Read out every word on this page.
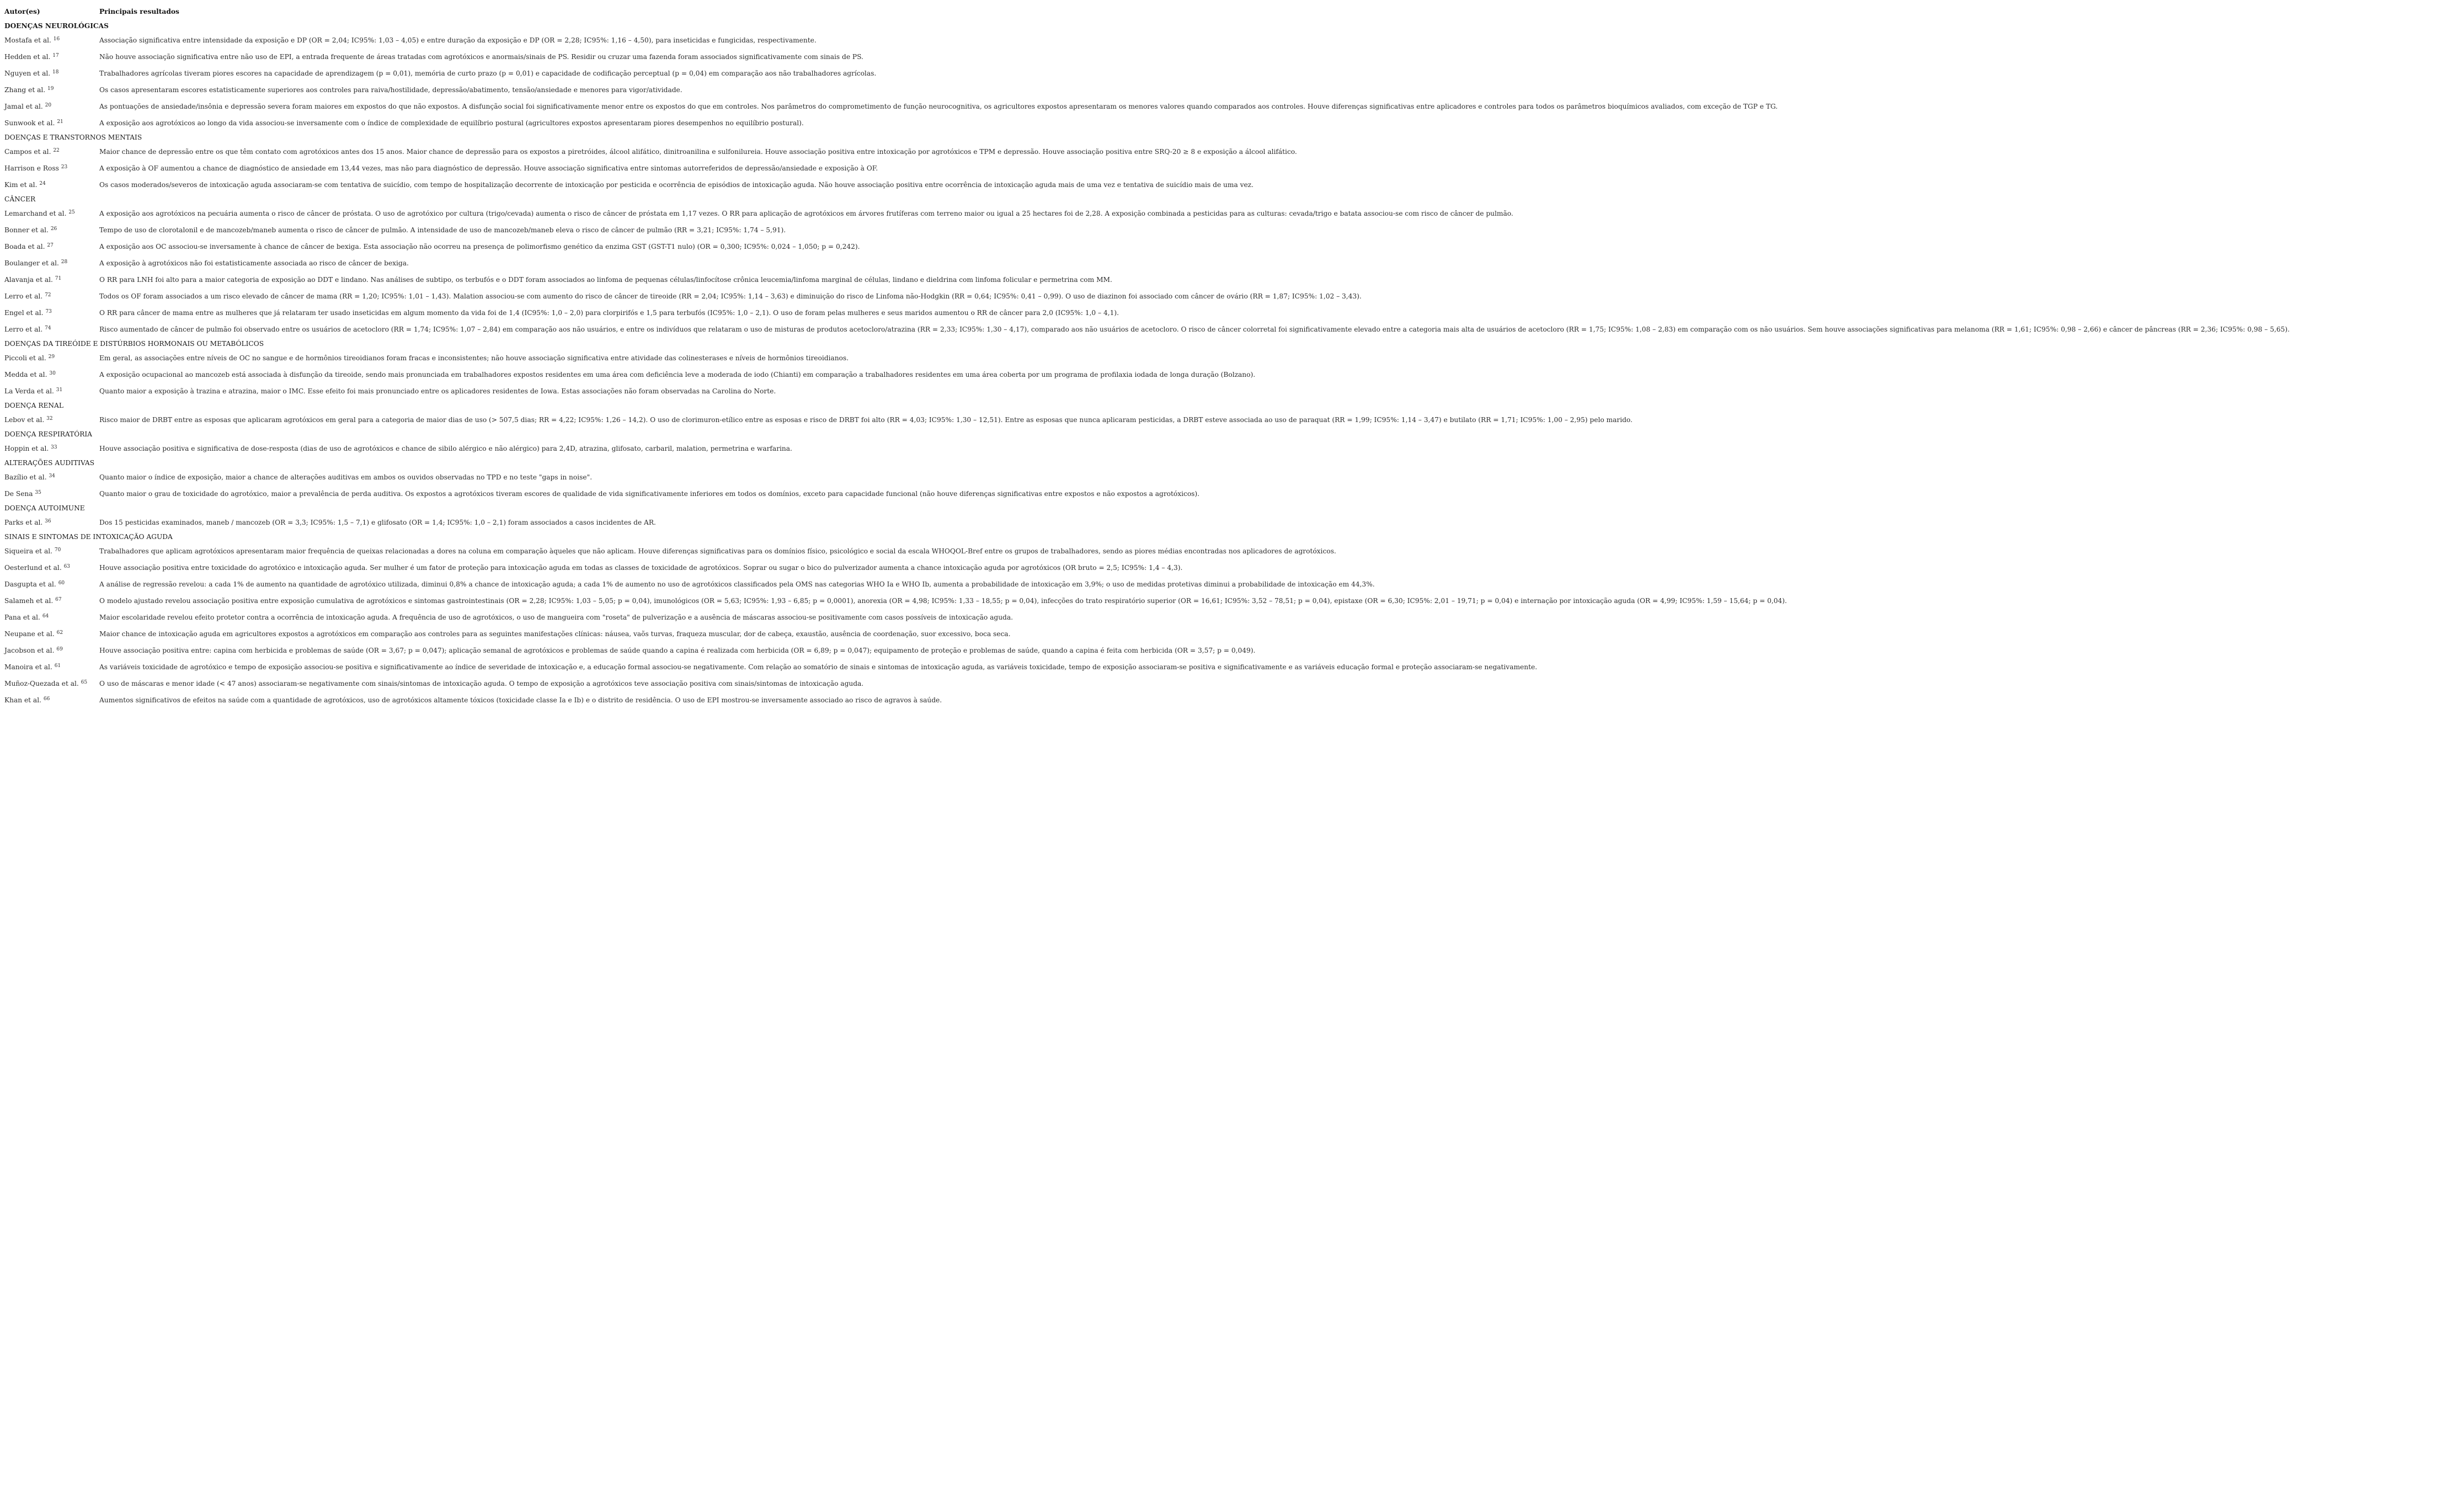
Autor(es)	Principais resultados
DOENÇAS NEUROLÓGICAS	
Mostafa et al. $^{16}$	Associação significativa entre intensidade da exposição e DP (OR = 2,04; IC95%: 1,03 – 4,05) e entre duração da exposição e DP (OR = 2,28; IC95%: 1,16 – 4,50), para inseticidas e fungicidas, respectivamente.
Hedden et al. $^{17}$	Não houve associação significativa entre não uso de EPI, a entrada frequente de áreas tratadas com agrotóxicos e anormais/sinais de PS. Residir ou cruzar uma fazenda foram associados significativamente com sinais de PS.
Nguyen et al. $^{18}$	Trabalhadores agrícolas tiveram piores escores na capacidade de aprendizagem (p = 0,01), memória de curto prazo (p = 0,01) e capacidade de codificação perceptual (p = 0,04) em comparação aos não trabalhadores agrícolas.
Zhang et al. $^{19}$	Os casos apresentaram escores estatisticamente superiores aos controles para raiva/hostilidade, depressão/abatimento, tensão/ansiedade e menores para vigor/atividade.
Jamal et al. $^{20}$	As pontuações de ansiedade/insônia e depressão severa foram maiores em expostos do que não expostos. A disfunção social foi significativamente menor entre os expostos do que em controles. Nos parâmetros do comprometimento de função neurocognitiva, os agricultores expostos apresentaram os menores valores quando comparados aos controles. Houve diferenças significativas entre aplicadores e controles para todos os parâmetros bioquímicos avaliados, com exceção de TGP e TG.
Sunwook et al. $^{21}$	A exposição aos agrotóxicos ao longo da vida associou-se inversamente com o índice de complexidade de equilíbrio postural (agricultores expostos apresentaram piores desempenhos no equilíbrio postural).
DOENÇAS E TRANSTORNOS MENTAIS	
Campos et al. $^{22}$	Maior chance de depressão entre os que têm contato com agrotóxicos antes dos 15 anos. Maior chance de depressão para os expostos a piretróides, álcool alifático, dinitroanilina e sulfonilureia. Houve associação positiva entre intoxicação por agrotóxicos e TPM e depressão. Houve associação positiva entre SRQ-20 ≥ 8 e exposição a álcool alifático.
Harrison e Ross $^{23}$	A exposição à OF aumentou a chance de diagnóstico de ansiedade em 13,44 vezes, mas não para diagnóstico de depressão. Houve associação significativa entre sintomas autorreferidos de depressão/ansiedade e exposição à OF.
Kim et al. $^{24}$	Os casos moderados/severos de intoxicação aguda associaram-se com tentativa de suicídio, com tempo de hospitalização decorrente de intoxicação por pesticida e ocorrência de episódios de intoxicação aguda. Não houve associação positiva entre ocorrência de intoxicação aguda mais de uma vez e tentativa de suicídio mais de uma vez.
CÂNCER	
Lemarchand et al. $^{25}$	A exposição aos agrotóxicos na pecuária aumenta o risco de câncer de próstata. O uso de agrotóxico por cultura (trigo/cevada) aumenta o risco de câncer de próstata em 1,17 vezes. O RR para aplicação de agrotóxicos em árvores frutíferas com terreno maior ou igual a 25 hectares foi de 2,28. A exposição combinada a pesticidas para as culturas: cevada/trigo e batata associou-se com risco de câncer de pulmão.
Bonner et al. $^{26}$	Tempo de uso de clorotalonil e de mancozeb/maneb aumenta o risco de câncer de pulmão. A intensidade de uso de mancozeb/maneb eleva o risco de câncer de pulmão (RR = 3,21; IC95%: 1,74 – 5,91).
Boada et al. $^{27}$	A exposição aos OC associou-se inversamente à chance de câncer de bexiga. Esta associação não ocorreu na presença de polimorfismo genético da enzima GST (GST-T1 nulo) (OR = 0,300; IC95%: 0,024 – 1,050; p = 0,242).
Boulanger et al. $^{28}$	A exposição à agrotóxicos não foi estatisticamente associada ao risco de câncer de bexiga.
Alavanja et al. $^{71}$	O RR para LNH foi alto para a maior categoria de exposição ao DDT e lindano. Nas análises de subtipo, os terbufós e o DDT foram associados ao linfoma de pequenas células/linfocítose crônica leucemia/linfoma marginal de células, lindano e dieldrina com linfoma folicular e permetrina com MM.
Lerro et al. $^{72}$	Todos os OF foram associados a um risco elevado de câncer de mama (RR = 1,20; IC95%: 1,01 – 1,43). Malation associou-se com aumento do risco de câncer de tireoide (RR = 2,04; IC95%: 1,14 – 3,63) e diminuição do risco de Linfoma não-Hodgkin (RR = 0,64; IC95%: 0,41 – 0,99). O uso de diazinon foi associado com câncer de ovário (RR = 1,87; IC95%: 1,02 – 3,43).
Engel et al. $^{73}$	O RR para câncer de mama entre as mulheres que já relataram ter usado inseticidas em algum momento da vida foi de 1,4 (IC95%: 1,0 – 2,0) para clorpirifós e 1,5 para terbufós (IC95%: 1,0 – 2,1). O uso de foram pelas mulheres e seus maridos aumentou o RR de câncer para 2,0 (IC95%: 1,0 – 4,1).
Lerro et al. $^{74}$	Risco aumentado de câncer de pulmão foi observado entre os usuários de acetocloro (RR = 1,74; IC95%: 1,07 – 2,84) em comparação aos não usuários, e entre os indivíduos que relataram o uso de misturas de produtos acetocloro/atrazina (RR = 2,33; IC95%: 1,30 – 4,17), comparado aos não usuários de acetocloro. O risco de câncer colorretal foi significativamente elevado entre a categoria mais alta de usuários de acetocloro (RR = 1,75; IC95%: 1,08 – 2,83) em comparação com os não usuários. Sem houve associações significativas para melanoma (RR = 1,61; IC95%: 0,98 – 2,66) e câncer de pâncreas (RR = 2,36; IC95%: 0,98 – 5,65).
DOENÇAS DA TIREÓIDE E DISTÚRBIOS HORMONAIS OU METABÓLICOS	
Piccoli et al. $^{29}$	Em geral, as associações entre níveis de OC no sangue e de hormônios tireoidianos foram fracas e inconsistentes; não houve associação significativa entre atividade das colinesterases e níveis de hormônios tireoidianos.
Medda et al. $^{30}$	A exposição ocupacional ao mancozeb está associada à disfunção da tireoide, sendo mais pronunciada em trabalhadores expostos residentes em uma área com deficiência leve a moderada de iodo (Chianti) em comparação a trabalhadores residentes em uma área coberta por um programa de profilaxia iodada de longa duração (Bolzano).
La Verda et al. $^{31}$	Quanto maior a exposição à trazina e atrazina, maior o IMC. Esse efeito foi mais pronunciado entre os aplicadores residentes de Iowa. Estas associações não foram observadas na Carolina do Norte.
DOENÇA RENAL	
Lebov et al. $^{32}$	Risco maior de DRBT entre as esposas que aplicaram agrotóxicos em geral para a categoria de maior dias de uso (> 507,5 dias; RR = 4,22; IC95%: 1,26 – 14,2). O uso de clorimuron-etílico entre as esposas e risco de DRBT foi alto (RR = 4,03; IC95%: 1,30 – 12,51). Entre as esposas que nunca aplicaram pesticidas, a DRBT esteve associada ao uso de paraquat (RR = 1,99; IC95%: 1,14 – 3,47) e butilato (RR = 1,71; IC95%: 1,00 – 2,95) pelo marido.
DOENÇA RESPIRATÓRIA	
Hoppin et al. $^{33}$	Houve associação positiva e significativa de dose-resposta (dias de uso de agrotóxicos e chance de sibilo alérgico e não alérgico) para 2,4D, atrazina, glifosato, carbaril, malation, permetrina e warfarina.
ALTERAÇÕES AUDITIVAS	
Bazílio et al. $^{34}$	Quanto maior o índice de exposição, maior a chance de alterações auditivas em ambos os ouvidos observadas no TPD e no teste "gaps in noise".
De Sena $^{35}$	Quanto maior o grau de toxicidade do agrotóxico, maior a prevalência de perda auditiva. Os expostos a agrotóxicos tiveram escores de qualidade de vida significativamente inferiores em todos os domínios, exceto para capacidade funcional (não houve diferenças significativas entre expostos e não expostos a agrotóxicos).
DOENÇA AUTOIMUNE	
Parks et al. $^{36}$	Dos 15 pesticidas examinados, maneb / mancozeb (OR = 3,3; IC95%: 1,5 – 7,1) e glifosato (OR = 1,4; IC95%: 1,0 – 2,1) foram associados a casos incidentes de AR.
SINAIS E SINTOMAS DE INTOXICAÇÃO AGUDA	
Siqueira et al. $^{70}$	Trabalhadores que aplicam agrotóxicos apresentaram maior frequência de queixas relacionadas a dores na coluna em comparação àqueles que não aplicam. Houve diferenças significativas para os domínios físico, psicológico e social da escala WHOQOL-Bref entre os grupos de trabalhadores, sendo as piores médias encontradas nos aplicadores de agrotóxicos.
Oesterlund et al. $^{63}$	Houve associação positiva entre toxicidade do agrotóxico e intoxicação aguda. Ser mulher é um fator de proteção para intoxicação aguda em todas as classes de toxicidade de agrotóxicos. Soprar ou sugar o bico do pulverizador aumenta a chance intoxicação aguda por agrotóxicos (OR bruto = 2,5; IC95%: 1,4 – 4,3).
Dasgupta et al. $^{60}$	A análise de regressão revelou: a cada 1% de aumento na quantidade de agrotóxico utilizada, diminui 0,8% a chance de intoxicação aguda; a cada 1% de aumento no uso de agrotóxicos classificados pela OMS nas categorias WHO Ia e WHO Ib, aumenta a probabilidade de intoxicação em 3,9%; o uso de medidas protetivas diminui a probabilidade de intoxicação em 44,3%.
Salameh et al. $^{67}$	O modelo ajustado revelou associação positiva entre exposição cumulativa de agrotóxicos e sintomas gastrointestinais (OR = 2,28; IC95%: 1,03 – 5,05; p = 0,04), imunológicos (OR = 5,63; IC95%: 1,93 – 6,85; p = 0,0001), anorexia (OR = 4,98; IC95%: 1,33 – 18,55; p = 0,04), infecções do trato respiratório superior (OR = 16,61; IC95%: 3,52 – 78,51; p = 0,04), epistaxe (OR = 6,30; IC95%: 2,01 – 19,71; p = 0,04) e internação por intoxicação aguda (OR = 4,99; IC95%: 1,59 – 15,64; p = 0,04).
Pana et al. $^{64}$	Maior escolaridade revelou efeito protetor contra a ocorrência de intoxicação aguda. A frequência de uso de agrotóxicos, o uso de mangueira com "roseta" de pulverização e a ausência de máscaras associou-se positivamente com casos possíveis de intoxicação aguda.
Neupane et al. $^{62}$	Maior chance de intoxicação aguda em agricultores expostos a agrotóxicos em comparação aos controles para as seguintes manifestações clínicas: náusea, vaõs turvas, fraqueza muscular, dor de cabeça, exaustão, ausência de coordenação, suor excessivo, boca seca.
Jacobson et al. $^{69}$	Houve associação positiva entre: capina com herbicida e problemas de saúde (OR = 3,67; p = 0,047); aplicação semanal de agrotóxicos e problemas de saúde quando a capina é realizada com herbicida (OR = 6,89; p = 0,047); equipamento de proteção e problemas de saúde, quando a capina é feita com herbicida (OR = 3,57; p = 0,049).
Manoira et al. $^{61}$	As variáveis toxicidade de agrotóxico e tempo de exposição associou-se positiva e significativamente ao índice de severidade de intoxicação e, a educação formal associou-se negativamente. Com relação ao somatório de sinais e sintomas de intoxicação aguda, as variáveis toxicidade, tempo de exposição associaram-se positiva e significativamente e as variáveis educação formal e proteção associaram-se negativamente.
Muñoz-Quezada et al. $^{65}$	O uso de máscaras e menor idade (< 47 anos) associaram-se negativamente com sinais/sintomas de intoxicação aguda. O tempo de exposição a agrotóxicos teve associação positiva com sinais/sintomas de intoxicação aguda.
Khan et al. $^{66}$	Aumentos significativos de efeitos na saúde com a quantidade de agrotóxicos, uso de agrotóxicos altamente tóxicos (toxicidade classe Ia e Ib) e o distrito de residência. O uso de EPI mostrou-se inversamente associado ao risco de agravos à saúde.
